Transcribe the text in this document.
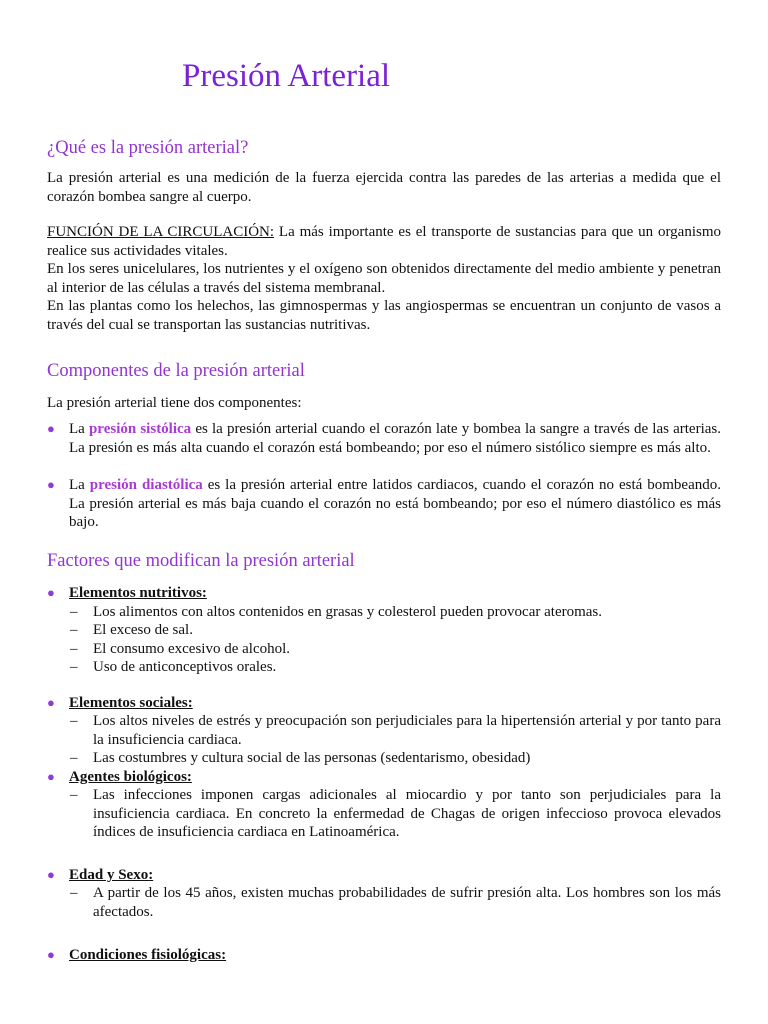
Presión Arterial
¿Qué es la presión arterial?

La presión arterial es una medición de la fuerza ejercida contra las paredes de las arterias a medida que el corazón bombea sangre al cuerpo.

FUNCIÓN DE LA CIRCULACIÓN: La más importante es el transporte de sustancias para que un organismo realice sus actividades vitales.

En los seres unicelulares, los nutrientes y el oxígeno son obtenidos directamente del medio ambiente y penetran al interior de las células a través del sistema membranal.

En las plantas como los helechos, las gimnospermas y las angiospermas se encuentran un conjunto de vasos a través del cual se transportan las sustancias nutritivas.

Componentes de la presión arterial

La presión arterial tiene dos componentes:

● La presión sistólica es la presión arterial cuando el corazón late y bombea la sangre a través de las arterias. La presión es más alta cuando el corazón está bombeando; por eso el número sistólico siempre es más alto.
● La presión diastólica es la presión arterial entre latidos cardiacos, cuando el corazón no está bombeando. La presión arterial es más baja cuando el corazón no está bombeando; por eso el número diastólico es más bajo.
Factores que modifican la presión arterial
● Elementos nutritivos:
– Los alimentos con altos contenidos en grasas y colesterol pueden provocar ateromas.
– El exceso de sal.
– El consumo excesivo de alcohol.
– Uso de anticonceptivos orales.
● Elementos sociales:
– Los altos niveles de estrés y preocupación son perjudiciales para la hipertensión arterial y por tanto para la insuficiencia cardiaca.
– Las costumbres y cultura social de las personas (sedentarismo, obesidad)
● Agentes biológicos:
– Las infecciones imponen cargas adicionales al miocardio y por tanto son perjudiciales para la insuficiencia cardiaca. En concreto la enfermedad de Chagas de origen infeccioso provoca elevados índices de insuficiencia cardiaca en Latinoamérica.
● Edad y Sexo:
– A partir de los 45 años, existen muchas probabilidades de sufrir presión alta. Los hombres son los más afectados.
● Condiciones fisiológicas:
